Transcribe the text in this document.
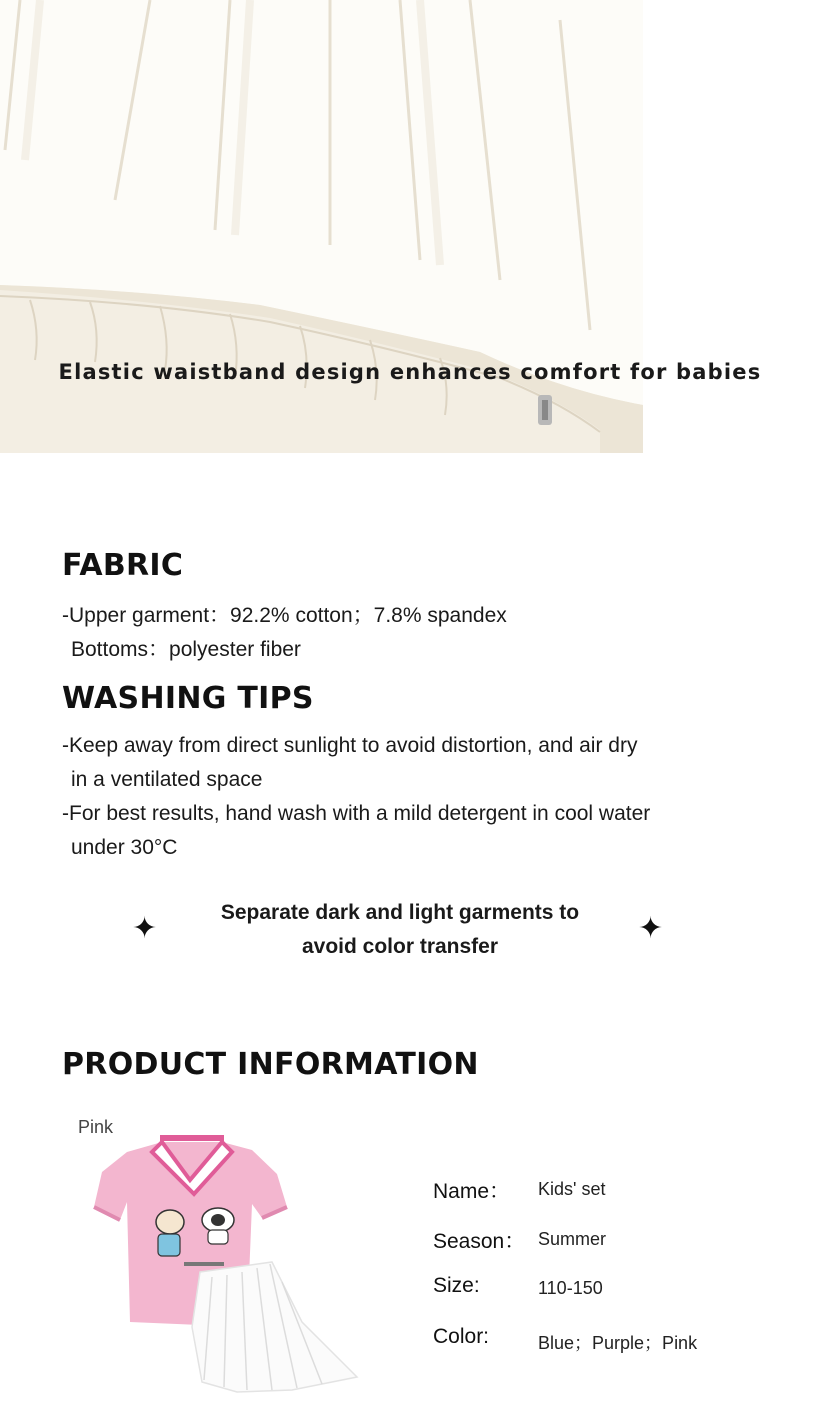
Elastic waistband design enhances comfort for babies
FABRIC
-Upper garment：92.2% cotton；7.8% spandex
Bottoms：polyester fiber
WASHING TIPS
-Keep away from direct sunlight to avoid distortion, and air dry
in a ventilated space
-For best results, hand wash with a mild detergent in cool water
under 30°C
✦	Separate dark and light garments to
avoid color transfer
✦
PRODUCT INFORMATION
Pink
Name： Kids' set
Season： Summer
Size:	110-150
Color:	Blue；Purple；Pink
